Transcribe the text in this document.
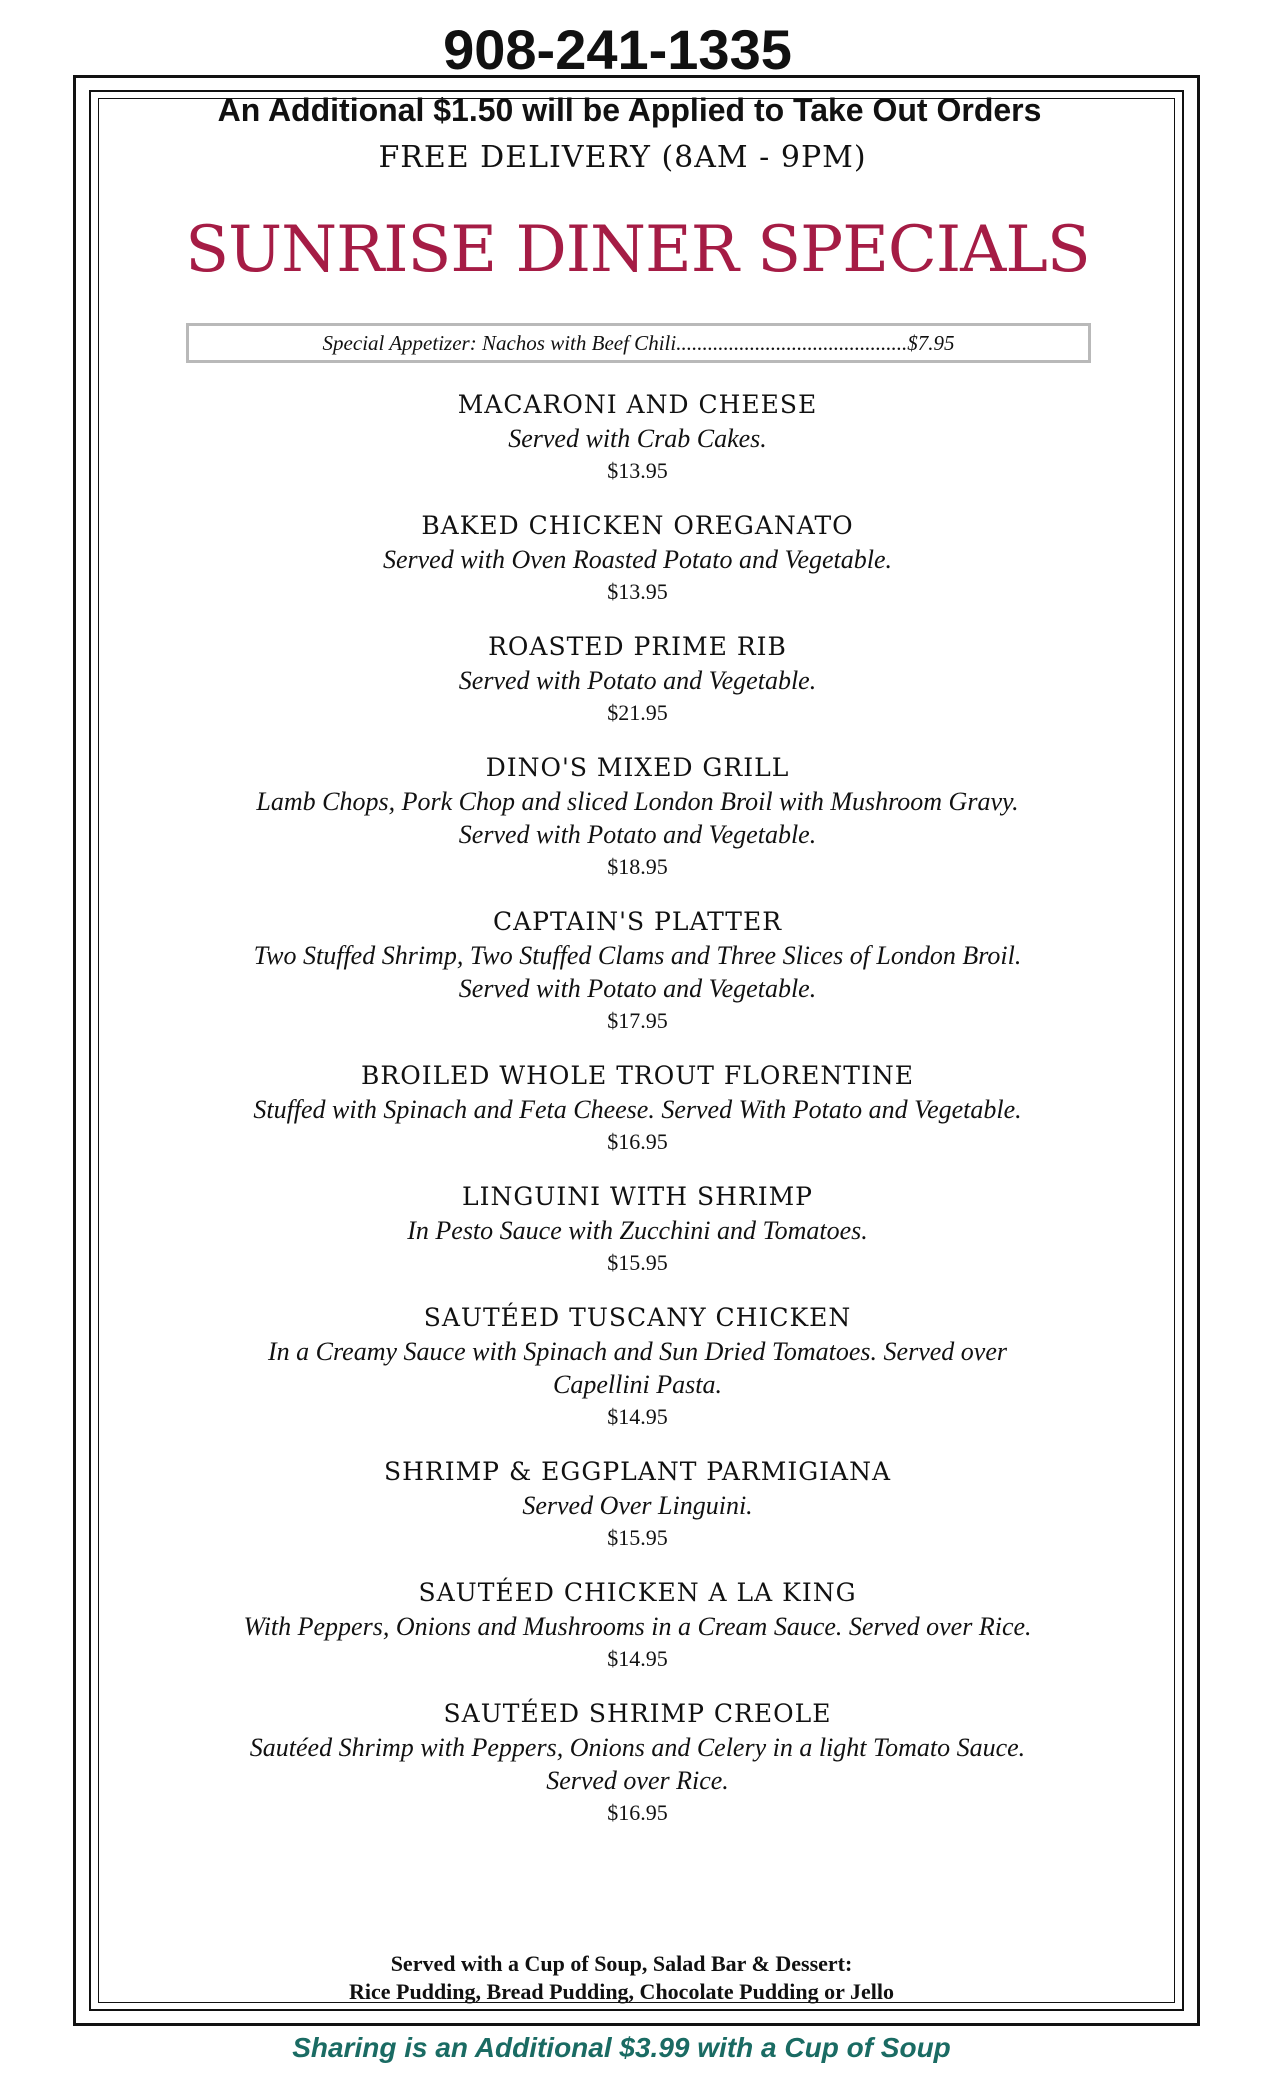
908-241-1335
An Additional $1.50 will be Applied to Take Out Orders
FREE DELIVERY (8AM - 9PM)
SUNRISE DINER SPECIALS
Special Appetizer: Nachos with Beef Chili............................................$7.95
MACARONI AND CHEESE
Served with Crab Cakes.
$13.95
BAKED CHICKEN OREGANATO
Served with Oven Roasted Potato and Vegetable.
$13.95
ROASTED PRIME RIB
Served with Potato and Vegetable.
$21.95
DINO'S MIXED GRILL
Lamb Chops, Pork Chop and sliced London Broil with Mushroom Gravy.
Served with Potato and Vegetable.
$18.95
CAPTAIN'S PLATTER
Two Stuffed Shrimp, Two Stuffed Clams and Three Slices of London Broil.
Served with Potato and Vegetable.
$17.95
BROILED WHOLE TROUT FLORENTINE
Stuffed with Spinach and Feta Cheese. Served With Potato and Vegetable.
$16.95
LINGUINI WITH SHRIMP
In Pesto Sauce with Zucchini and Tomatoes.
$15.95
SAUTÉED TUSCANY CHICKEN
In a Creamy Sauce with Spinach and Sun Dried Tomatoes. Served over
Capellini Pasta.
$14.95
SHRIMP & EGGPLANT PARMIGIANA
Served Over Linguini.
$15.95
SAUTÉED CHICKEN A LA KING
With Peppers, Onions and Mushrooms in a Cream Sauce. Served over Rice.
$14.95
SAUTÉED SHRIMP CREOLE
Sautéed Shrimp with Peppers, Onions and Celery in a light Tomato Sauce.
Served over Rice.
$16.95
Served with a Cup of Soup, Salad Bar & Dessert:
Rice Pudding, Bread Pudding, Chocolate Pudding or Jello
Sharing is an Additional $3.99 with a Cup of Soup
